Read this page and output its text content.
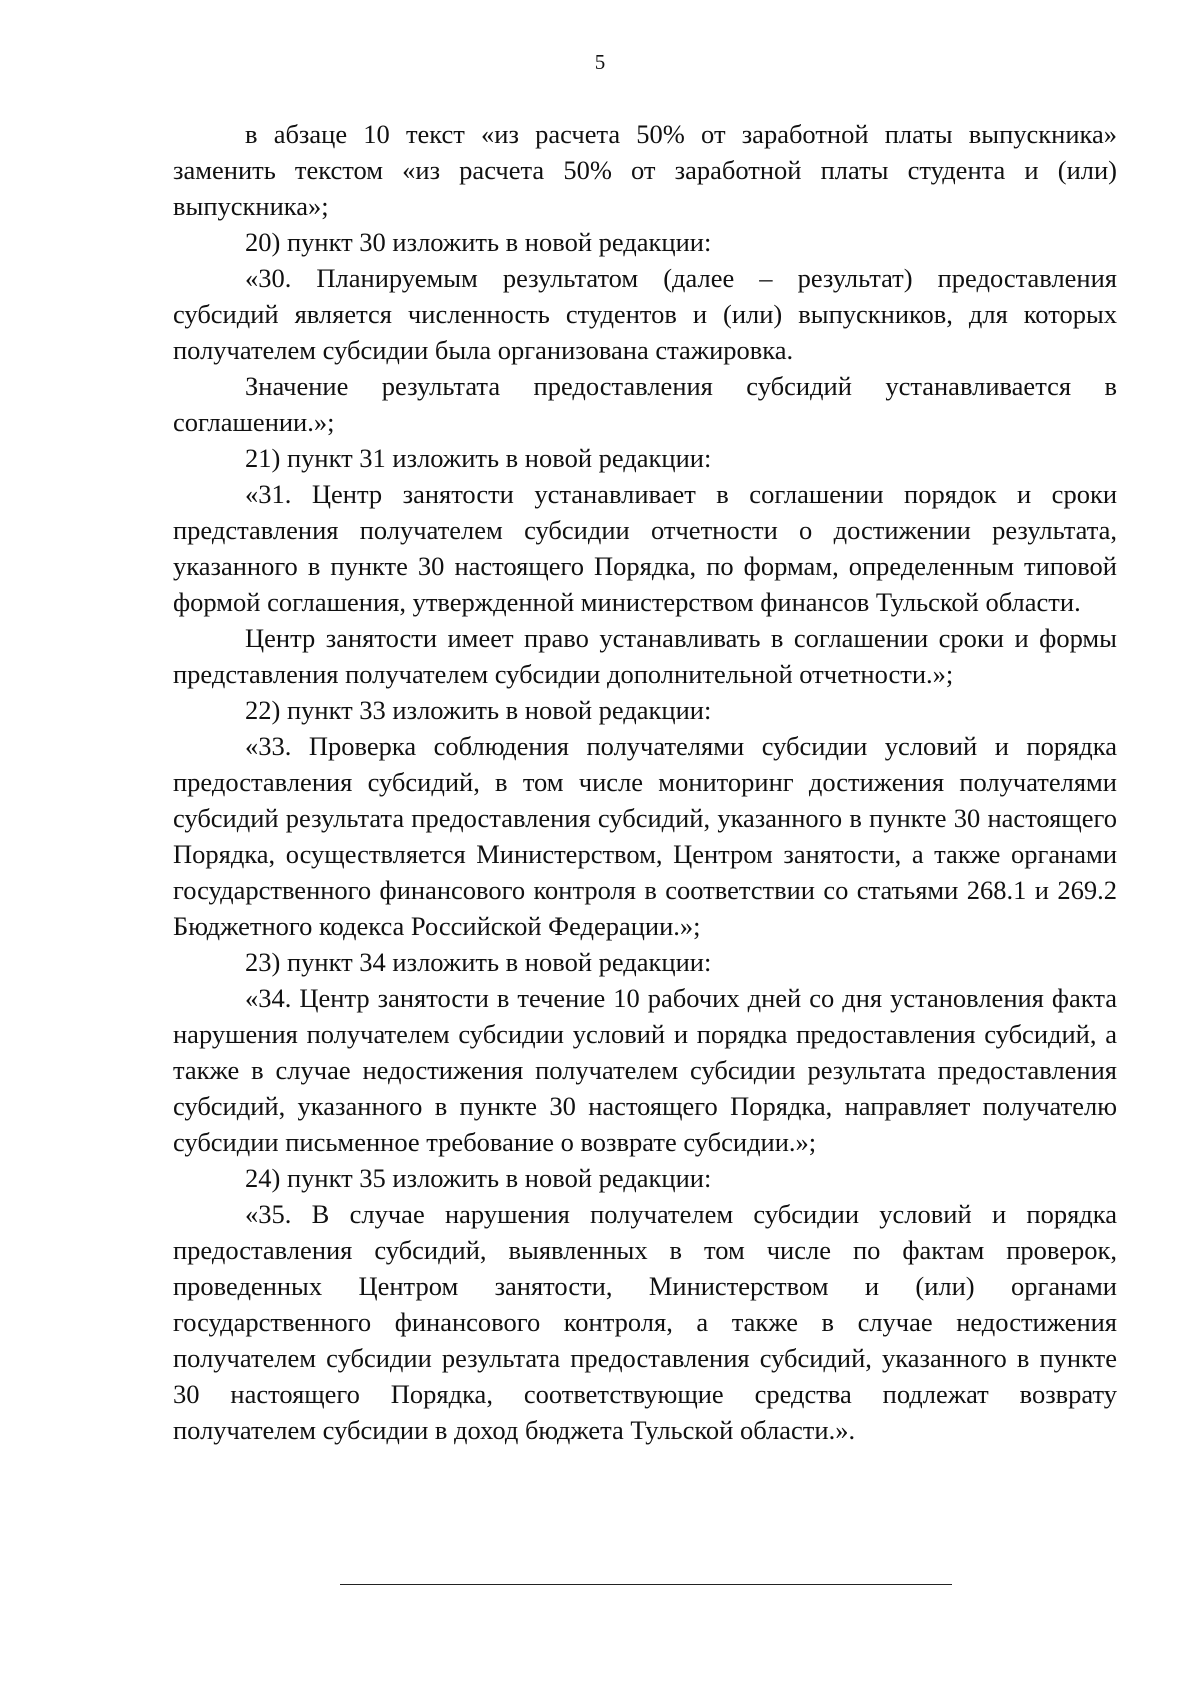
5

в абзаце 10 текст «из расчета 50% от заработной платы выпускника» заменить текстом «из расчета 50% от заработной платы студента и (или) выпускника»;

20) пункт 30 изложить в новой редакции:

«30. Планируемым результатом (далее – результат) предоставления субсидий является численность студентов и (или) выпускников, для которых получателем субсидии была организована стажировка.

Значение результата предоставления субсидий устанавливается в соглашении.»;

21) пункт 31 изложить в новой редакции:

«31. Центр занятости устанавливает в соглашении порядок и сроки представления получателем субсидии отчетности о достижении результата, указанного в пункте 30 настоящего Порядка, по формам, определенным типовой формой соглашения, утвержденной министерством финансов Тульской области.

Центр занятости имеет право устанавливать в соглашении сроки и формы представления получателем субсидии дополнительной отчетности.»;

22) пункт 33 изложить в новой редакции:

«33. Проверка соблюдения получателями субсидии условий и порядка предоставления субсидий, в том числе мониторинг достижения получателями субсидий результата предоставления субсидий, указанного в пункте 30 настоящего Порядка, осуществляется Министерством, Центром занятости, а также органами государственного финансового контроля в соответствии со статьями 268.1 и 269.2 Бюджетного кодекса Российской Федерации.»;

23) пункт 34 изложить в новой редакции:

«34. Центр занятости в течение 10 рабочих дней со дня установления факта нарушения получателем субсидии условий и порядка предоставления субсидий, а также в случае недостижения получателем субсидии результата предоставления субсидий, указанного в пункте 30 настоящего Порядка, направляет получателю субсидии письменное требование о возврате субсидии.»;

24) пункт 35 изложить в новой редакции:

«35. В случае нарушения получателем субсидии условий и порядка предоставления субсидий, выявленных в том числе по фактам проверок, проведенных Центром занятости, Министерством и (или) органами государственного финансового контроля, а также в случае недостижения получателем субсидии результата предоставления субсидий, указанного в пункте 30 настоящего Порядка, соответствующие средства подлежат возврату получателем субсидии в доход бюджета Тульской области.».
